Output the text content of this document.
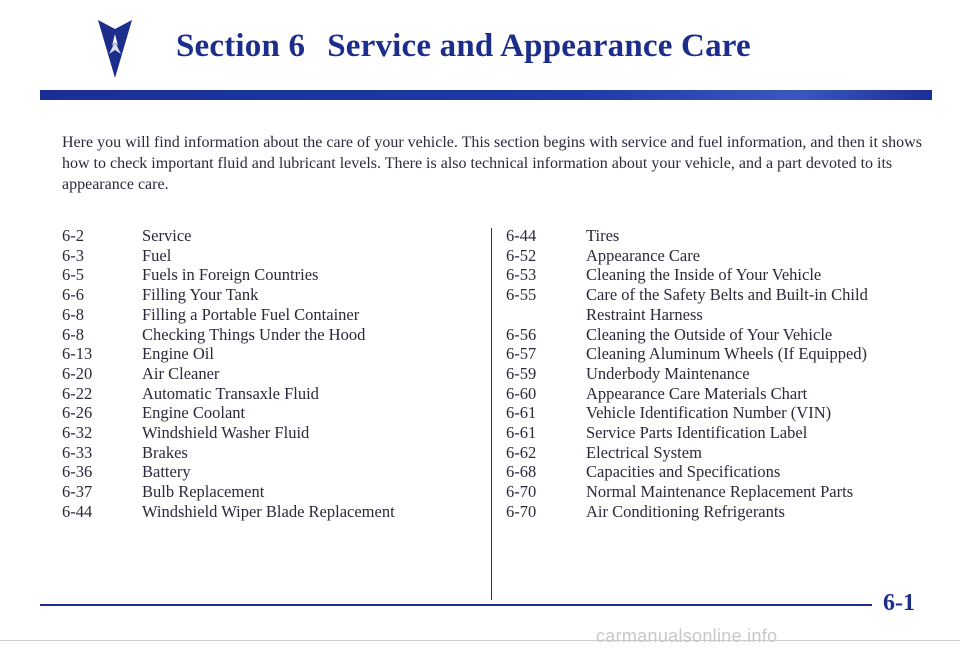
Section 6 Service and Appearance Care
Here you will find information about the care of your vehicle. This section begins with service and fuel information, and then it shows how to check important fluid and lubricant levels. There is also technical information about your vehicle, and a part devoted to its appearance care.
6-2	Service
6-3	Fuel
6-5	Fuels in Foreign Countries
6-6	Filling Your Tank
6-8	Filling a Portable Fuel Container
6-8	Checking Things Under the Hood
6-13	Engine Oil
6-20	Air Cleaner
6-22	Automatic Transaxle Fluid
6-26	Engine Coolant
6-32	Windshield Washer Fluid
6-33	Brakes
6-36	Battery
6-37	Bulb Replacement
6-44	Windshield Wiper Blade Replacement
6-44	Tires
6-52	Appearance Care
6-53	Cleaning the Inside of Your Vehicle
6-55	Care of the Safety Belts and Built-in Child
Restraint Harness
6-56	Cleaning the Outside of Your Vehicle
6-57	Cleaning Aluminum Wheels (If Equipped)
6-59	Underbody Maintenance
6-60	Appearance Care Materials Chart
6-61	Vehicle Identification Number (VIN)
6-61	Service Parts Identification Label
6-62	Electrical System
6-68	Capacities and Specifications
6-70	Normal Maintenance Replacement Parts
6-70	Air Conditioning Refrigerants
6-1
carmanualsonline.info
